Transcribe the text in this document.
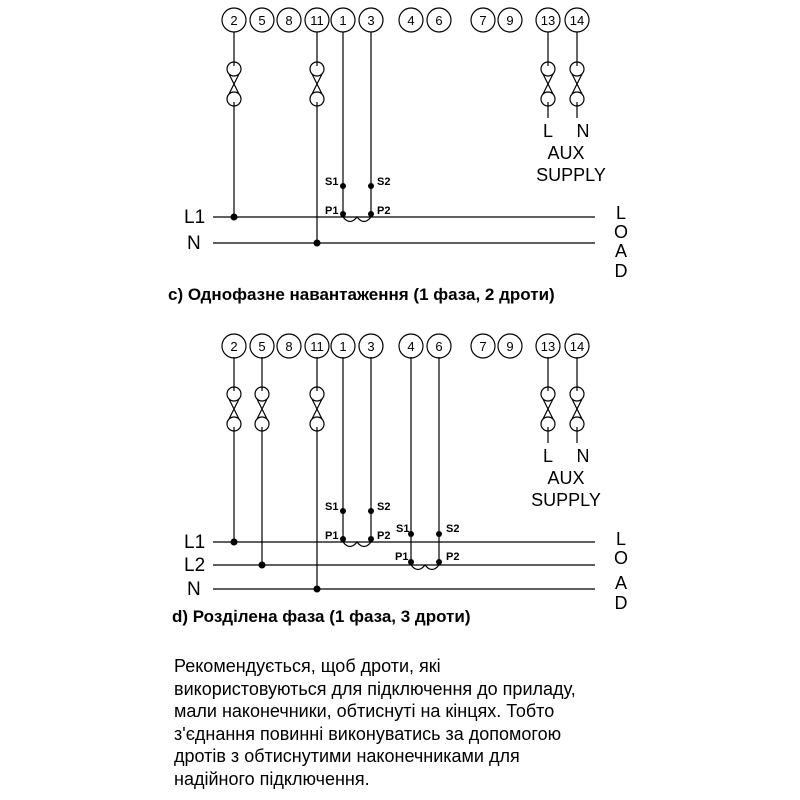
2 5 8 11 1 3	4 6	7 9 13 14
S1	S2
P1	P2
L1
N
L N
AUX
SUPPLY
L
O
A
D
c) Однофазне навантаження (1 фаза, 2 дроти)
2 5 8 11 1 3	4 6	7 9 13 14
S1	S2
P1	P2
S1	S2
P1	P2
L1
L2
N
L N
AUX
SUPPLY
L
O
A
D
d) Розділена фаза (1 фаза, 3 дроти)
Рекомендується, щоб дроти, які
використовуються для підключення до приладу,
мали наконечники, обтиснуті на кінцях. Тобто
з'єднання повинні виконуватись за допомогою
дротів з обтиснутими наконечниками для
надійного підключення.
